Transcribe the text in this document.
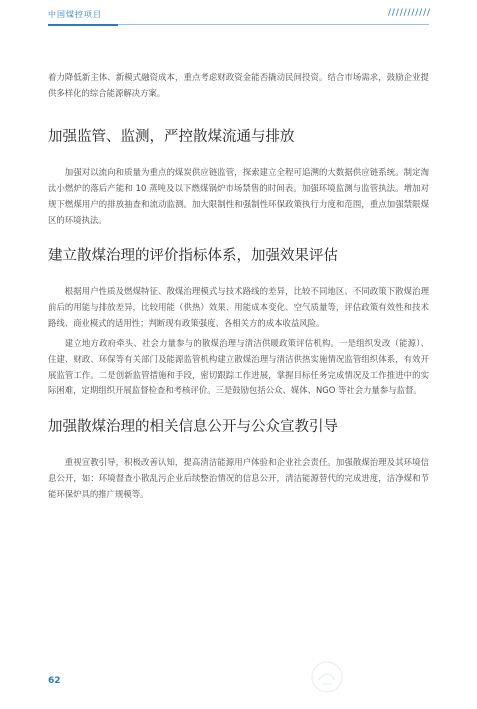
中国煤控项目	/ / / / / / / / / / /

着力降低新主体、新模式融资成本，重点考虑财政资金能否撬动民间投资。结合市场需求，鼓励企业提供多样化的综合能源解决方案。

加强监管、监测，严控散煤流通与排放

加强对以流向和质量为重点的煤炭供应链监管，探索建立全程可追溯的大数据供应链系统。制定淘汰小燃炉的落后产能和 10 蒸吨及以下燃煤锅炉市场禁售的时间表。加强环境监测与监管执法。增加对规下燃煤用户的排放抽查和流动监测。加大限制性和强制性环保政策执行力度和范围，重点加强禁限煤区的环境执法。

建立散煤治理的评价指标体系，加强效果评估

根据用户性质及燃煤特征、散煤治理模式与技术路线的差异，比较不同地区、不同政策下散煤治理前后的用能与排放差异，比较用能（供热）效果、用能成本变化、空气质量等，评估政策有效性和技术路线、商业模式的适用性；判断现有政策强度、各相关方的成本收益风险。

建立地方政府牵头、社会力量参与的散煤治理与清洁供暖政策评估机构。一是组织发改（能源）、住建、财政、环保等有关部门及能源监管机构建立散煤治理与清洁供热实施情况监管组织体系，有效开展监管工作。二是创新监管措施和手段，密切跟踪工作进展，掌握目标任务完成情况及工作推进中的实际困难，定期组织开展监督检查和考核评价。三是鼓励包括公众、媒体、NGO 等社会力量参与监督。

加强散煤治理的相关信息公开与公众宣教引导

重视宣教引导，积极改善认知，提高清洁能源用户体验和企业社会责任。加强散煤治理及其环境信息公开，如：环境督查小散乱污企业后续整治情况的信息公开，清洁能源替代的完成进度，洁净煤和节能环保炉具的推广规模等。

62
